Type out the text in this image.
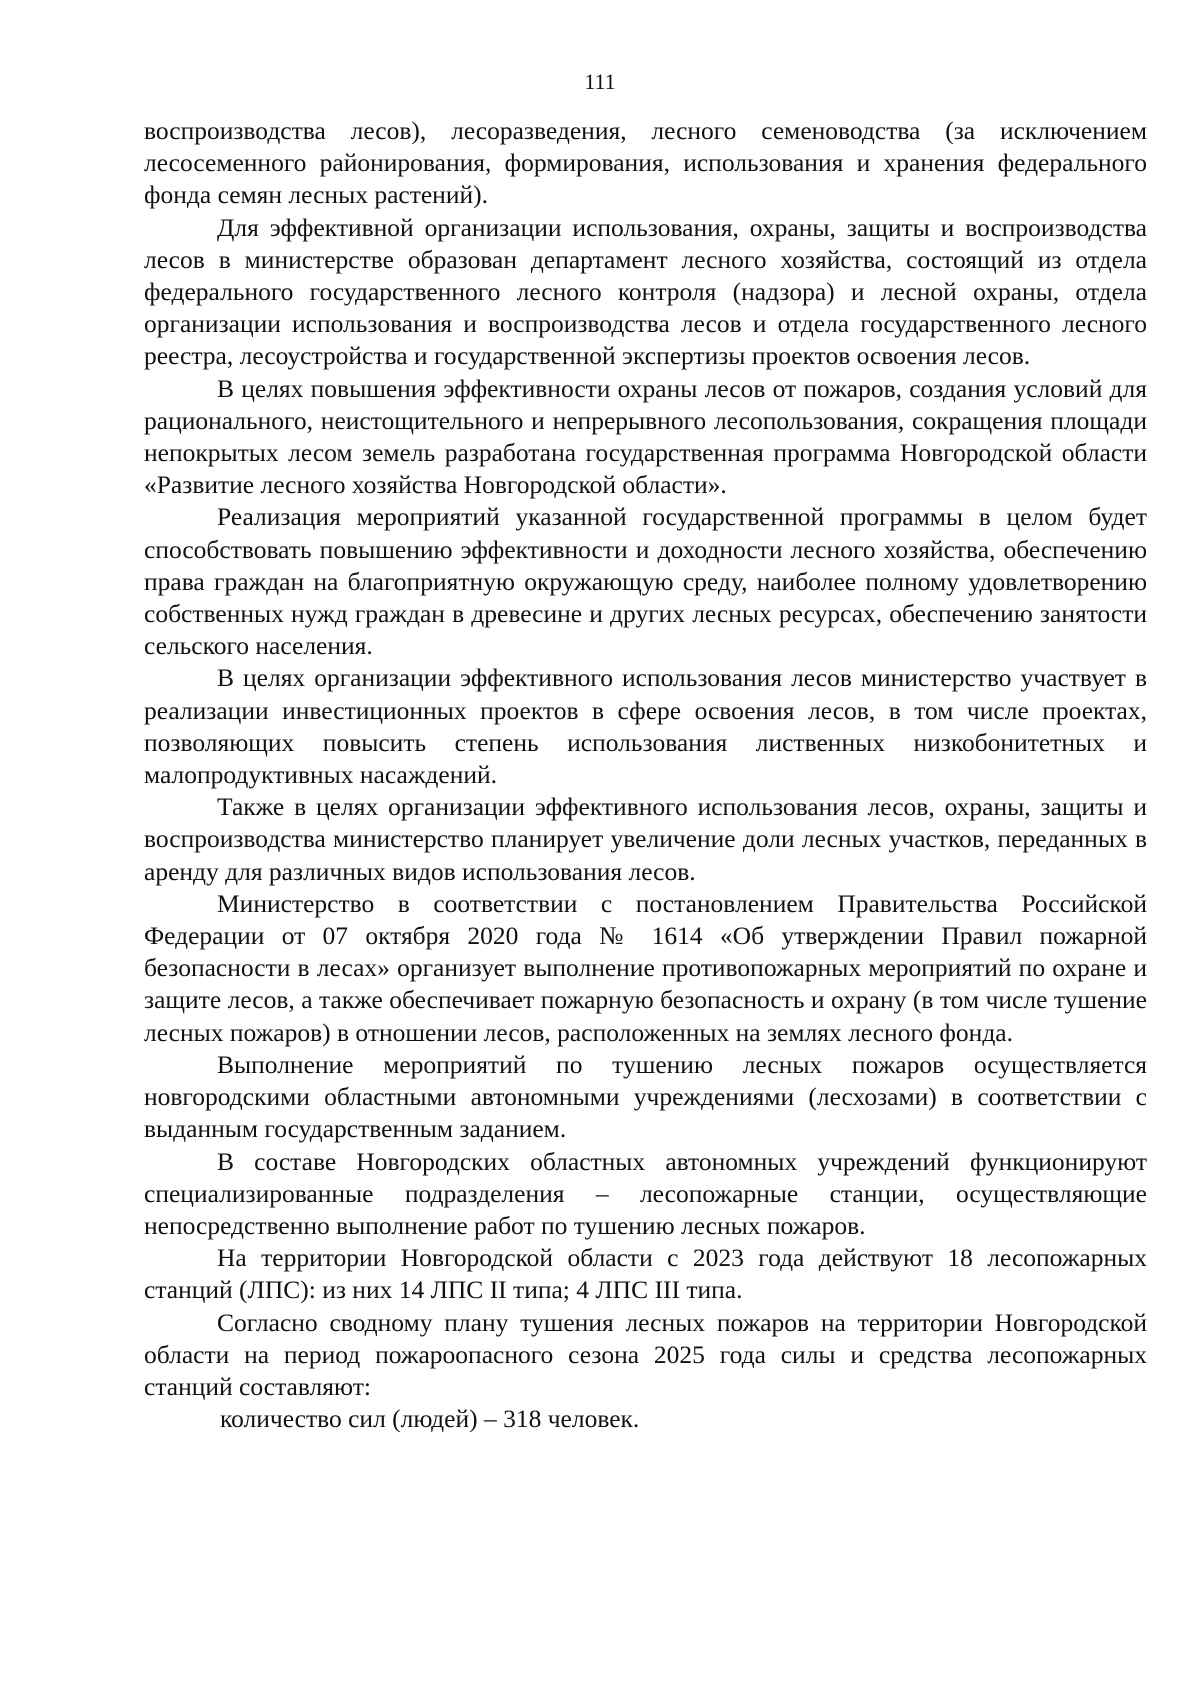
111

воспроизводства лесов), лесоразведения, лесного семеноводства (за исключением лесосеменного районирования, формирования, использования и хранения федерального фонда семян лесных растений).

Для эффективной организации использования, охраны, защиты и воспроизводства лесов в министерстве образован департамент лесного хозяйства, состоящий из отдела федерального государственного лесного контроля (надзора) и лесной охраны, отдела организации использования и воспроизводства лесов и отдела государственного лесного реестра, лесоустройства и государственной экспертизы проектов освоения лесов.

В целях повышения эффективности охраны лесов от пожаров, создания условий для рационального, неистощительного и непрерывного лесопользования, сокращения площади непокрытых лесом земель разработана государственная программа Новгородской области «Развитие лесного хозяйства Новгородской области».

Реализация мероприятий указанной государственной программы в целом будет способствовать повышению эффективности и доходности лесного хозяйства, обеспечению права граждан на благоприятную окружающую среду, наиболее полному удовлетворению собственных нужд граждан в древесине и других лесных ресурсах, обеспечению занятости сельского населения.

В целях организации эффективного использования лесов министерство участвует в реализации инвестиционных проектов в сфере освоения лесов, в том числе проектах, позволяющих повысить степень использования лиственных низкобонитетных и малопродуктивных насаждений.

Также в целях организации эффективного использования лесов, охраны, защиты и воспроизводства министерство планирует увеличение доли лесных участков, переданных в аренду для различных видов использования лесов.

Министерство в соответствии с постановлением Правительства Российской Федерации от 07 октября 2020 года № 1614 «Об утверждении Правил пожарной безопасности в лесах» организует выполнение противопожарных мероприятий по охране и защите лесов, а также обеспечивает пожарную безопасность и охрану (в том числе тушение лесных пожаров) в отношении лесов, расположенных на землях лесного фонда.

Выполнение мероприятий по тушению лесных пожаров осуществляется новгородскими областными автономными учреждениями (лесхозами) в соответствии с выданным государственным заданием.

В составе Новгородских областных автономных учреждений функционируют специализированные подразделения – лесопожарные станции, осуществляющие непосредственно выполнение работ по тушению лесных пожаров.

На территории Новгородской области с 2023 года действуют 18 лесопожарных станций (ЛПС): из них 14 ЛПС II типа; 4 ЛПС III типа.

Согласно сводному плану тушения лесных пожаров на территории Новгородской области на период пожароопасного сезона 2025 года силы и средства лесопожарных станций составляют:

количество сил (людей) – 318 человек.
